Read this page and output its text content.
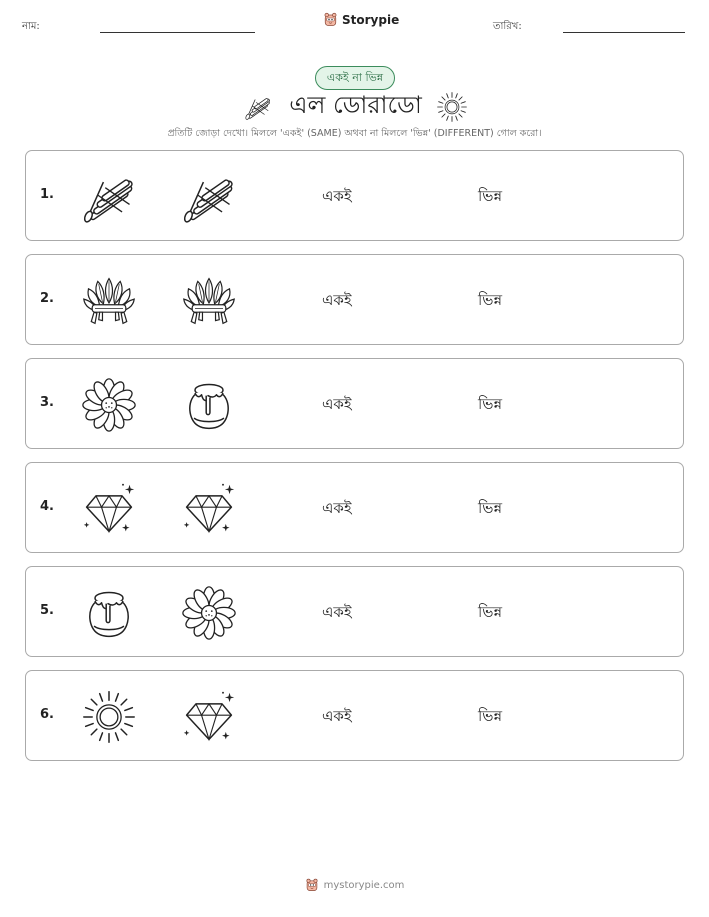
নাম:	Storypie	তারিখ:
একই না ভিন্ন
এল ডোরাডো
প্রতিটি জোড়া দেখো। মিললে 'একই' (SAME) অথবা না মিললে 'ভিন্ন' (DIFFERENT) গোল করো।
1.	একই	ভিন্ন
2.	একই	ভিন্ন
3.	একই	ভিন্ন
4.	একই	ভিন্ন
5.	একই	ভিন্ন
6.	একই	ভিন্ন
mystorypie.com
